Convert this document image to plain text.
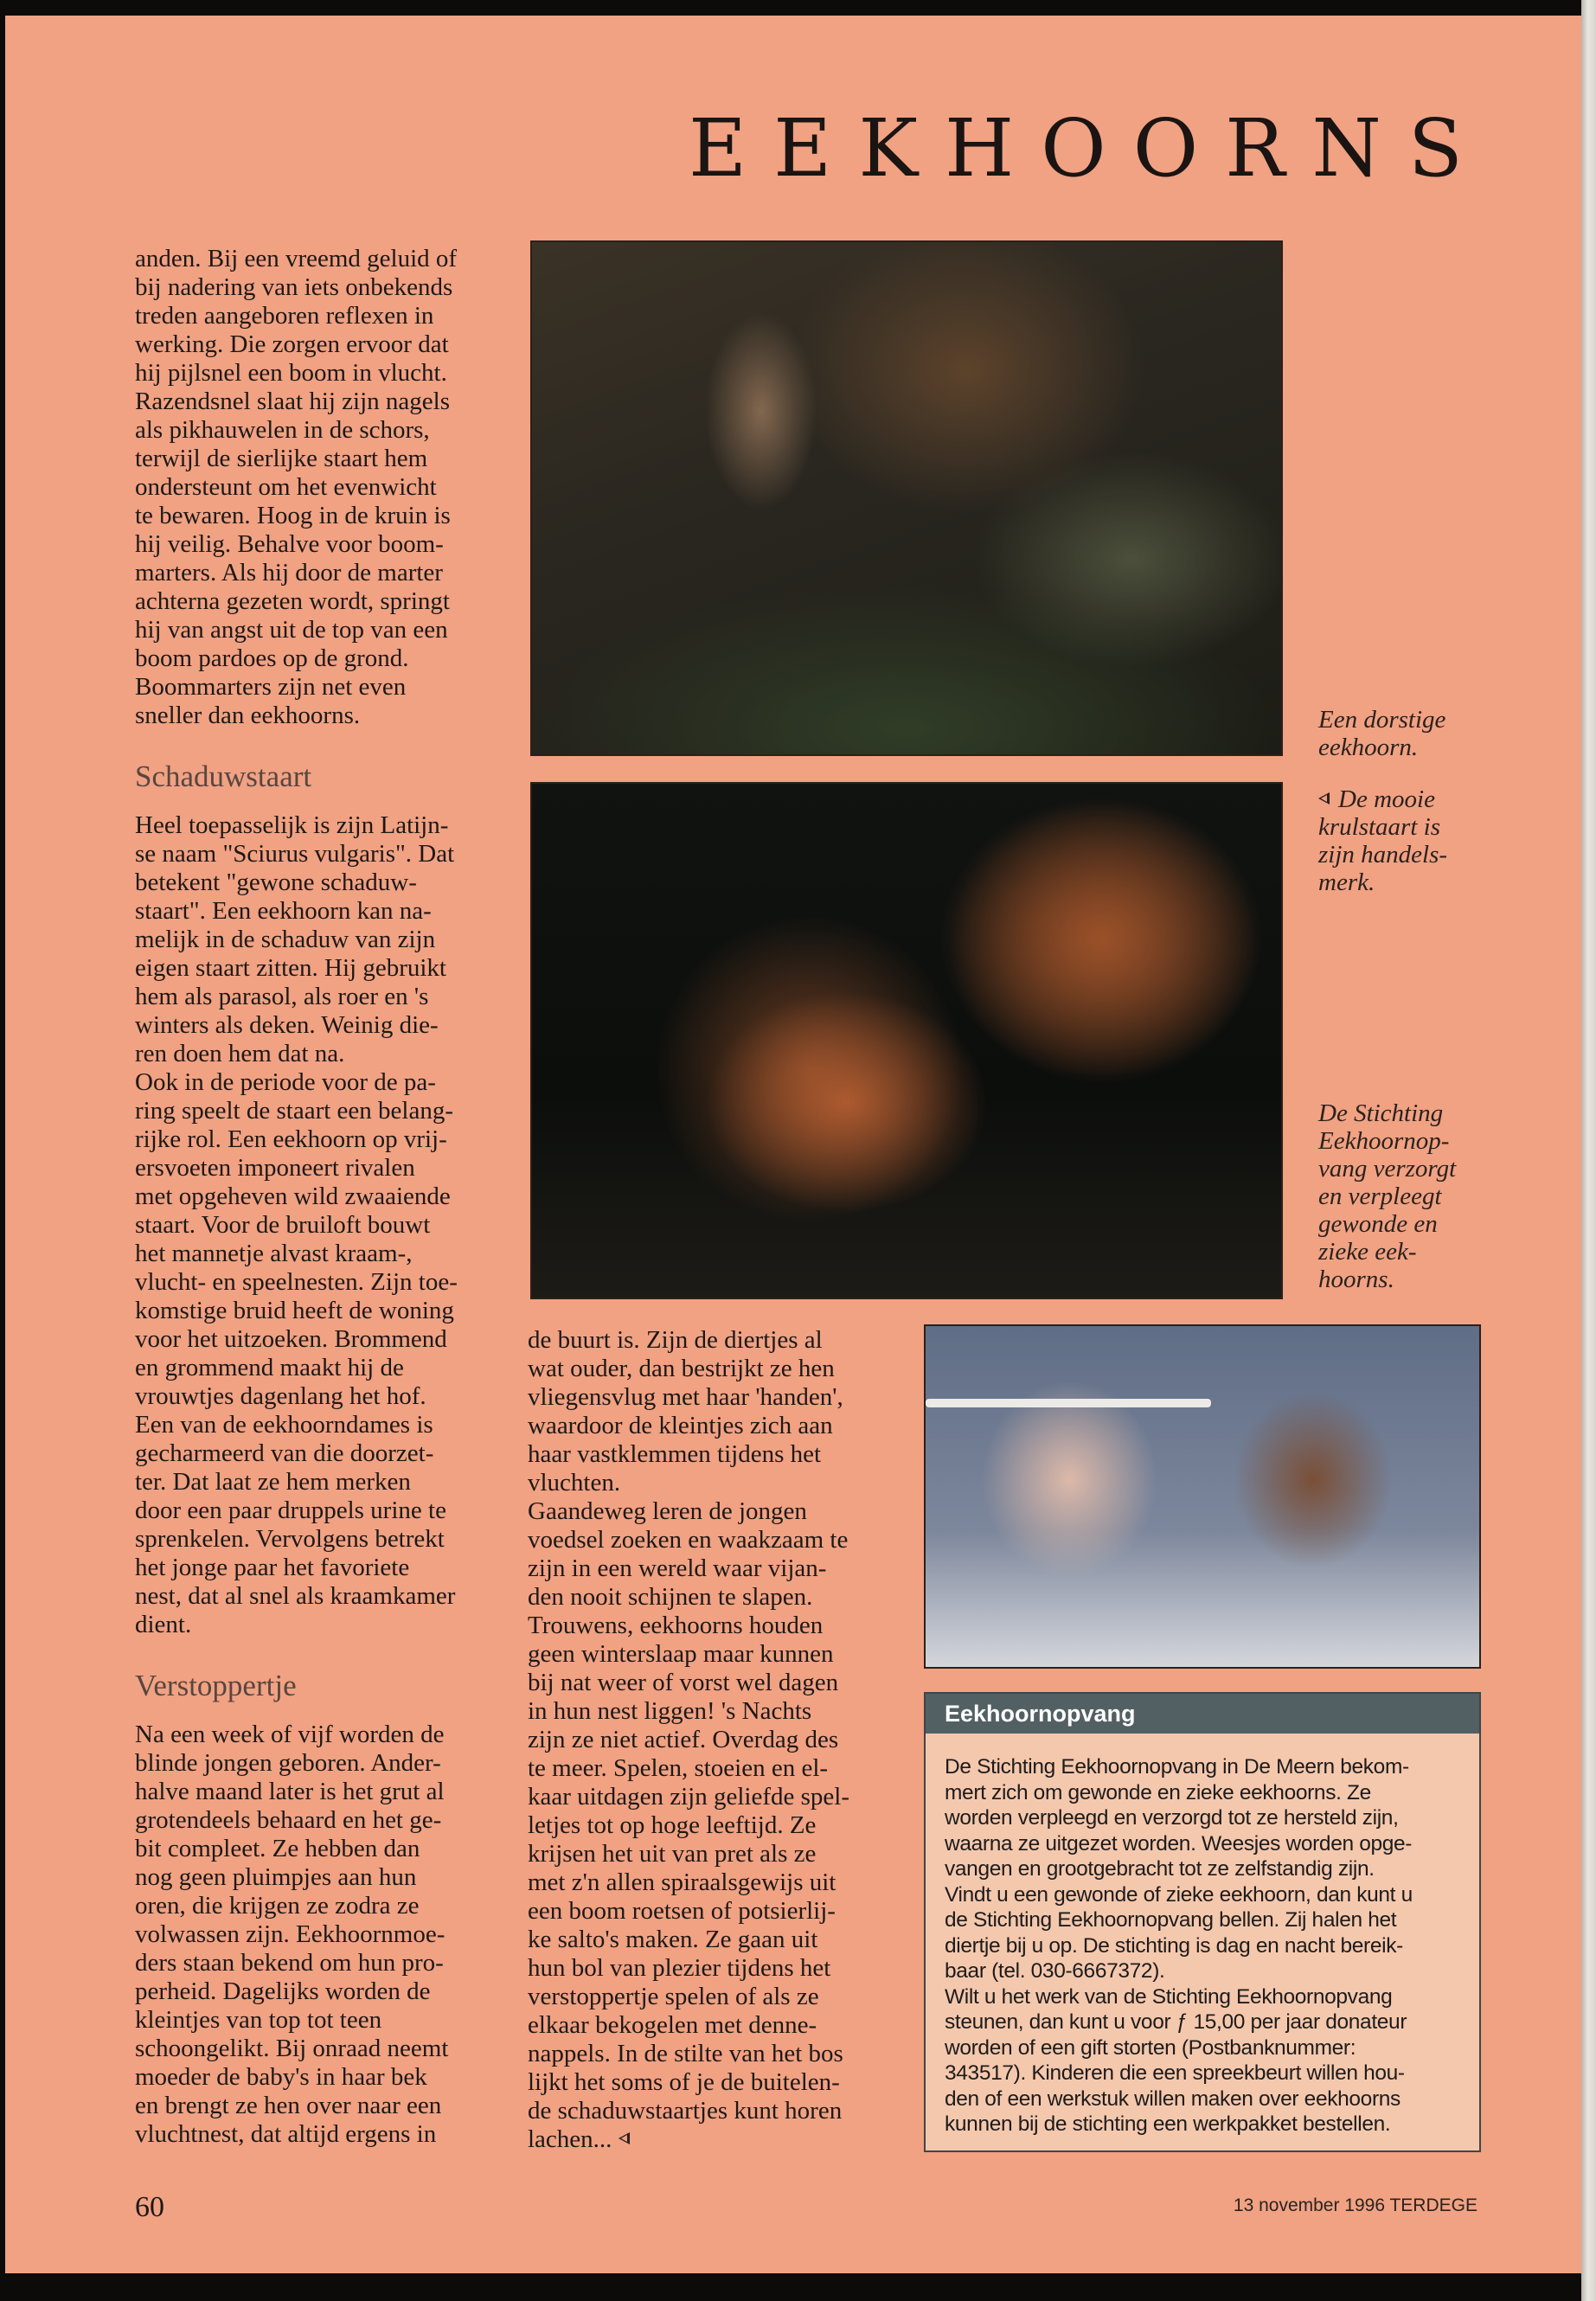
EEKHOORNS

anden. Bij een vreemd geluid of
bij nadering van iets onbekends
treden aangeboren reflexen in
werking. Die zorgen ervoor dat
hij pijlsnel een boom in vlucht.
Razendsnel slaat hij zijn nagels
als pikhauwelen in de schors,
terwijl de sierlijke staart hem
ondersteunt om het evenwicht
te bewaren. Hoog in de kruin is
hij veilig. Behalve voor boom-
marters. Als hij door de marter
achterna gezeten wordt, springt
hij van angst uit de top van een
boom pardoes op de grond.
Boommarters zijn net even
sneller dan eekhoorns.

Schaduwstaart

Heel toepasselijk is zijn Latijn-
se naam "Sciurus vulgaris". Dat
betekent "gewone schaduw-
staart". Een eekhoorn kan na-
melijk in de schaduw van zijn
eigen staart zitten. Hij gebruikt
hem als parasol, als roer en 's
winters als deken. Weinig die-
ren doen hem dat na.
Ook in de periode voor de pa-
ring speelt de staart een belang-
rijke rol. Een eekhoorn op vrij-
ersvoeten imponeert rivalen
met opgeheven wild zwaaiende
staart. Voor de bruiloft bouwt
het mannetje alvast kraam-,
vlucht- en speelnesten. Zijn toe-
komstige bruid heeft de woning
voor het uitzoeken. Brommend
en grommend maakt hij de
vrouwtjes dagenlang het hof.
Een van de eekhoorndames is
gecharmeerd van die doorzet-
ter. Dat laat ze hem merken
door een paar druppels urine te
sprenkelen. Vervolgens betrekt
het jonge paar het favoriete
nest, dat al snel als kraamkamer
dient.

Verstoppertje

Na een week of vijf worden de
blinde jongen geboren. Ander-
halve maand later is het grut al
grotendeels behaard en het ge-
bit compleet. Ze hebben dan
nog geen pluimpjes aan hun
oren, die krijgen ze zodra ze
volwassen zijn. Eekhoornmoe-
ders staan bekend om hun pro-
perheid. Dagelijks worden de
kleintjes van top tot teen
schoongelikt. Bij onraad neemt
moeder de baby's in haar bek
en brengt ze hen over naar een
vluchtnest, dat altijd ergens in

Een dorstige
eekhoorn.
De mooie
krulstaart is
zijn handels-
merk.
De Stichting
Eekhoornop-
vang verzorgt
en verpleegt
gewonde en
zieke eek-
hoorns.

de buurt is. Zijn de diertjes al
wat ouder, dan bestrijkt ze hen
vliegensvlug met haar 'handen',
waardoor de kleintjes zich aan
haar vastklemmen tijdens het
vluchten.
Gaandeweg leren de jongen
voedsel zoeken en waakzaam te
zijn in een wereld waar vijan-
den nooit schijnen te slapen.
Trouwens, eekhoorns houden
geen winterslaap maar kunnen
bij nat weer of vorst wel dagen
in hun nest liggen! 's Nachts
zijn ze niet actief. Overdag des
te meer. Spelen, stoeien en el-
kaar uitdagen zijn geliefde spel-
letjes tot op hoge leeftijd. Ze
krijsen het uit van pret als ze
met z'n allen spiraalsgewijs uit
een boom roetsen of potsierlij-
ke salto's maken. Ze gaan uit
hun bol van plezier tijdens het
verstoppertje spelen of als ze
elkaar bekogelen met denne-
nappels. In de stilte van het bos
lijkt het soms of je de buitelen-
de schaduwstaartjes kunt horen
lachen...

Eekhoornopvang
De Stichting Eekhoornopvang in De Meern bekom-
mert zich om gewonde en zieke eekhoorns. Ze
worden verpleegd en verzorgd tot ze hersteld zijn,
waarna ze uitgezet worden. Weesjes worden opge-
vangen en grootgebracht tot ze zelfstandig zijn.
Vindt u een gewonde of zieke eekhoorn, dan kunt u
de Stichting Eekhoornopvang bellen. Zij halen het
diertje bij u op. De stichting is dag en nacht bereik-
baar (tel. 030-6667372).
Wilt u het werk van de Stichting Eekhoornopvang
steunen, dan kunt u voor ƒ 15,00 per jaar donateur
worden of een gift storten (Postbanknummer:
343517). Kinderen die een spreekbeurt willen hou-
den of een werkstuk willen maken over eekhoorns
kunnen bij de stichting een werkpakket bestellen.
60	13 november 1996 TERDEGE
